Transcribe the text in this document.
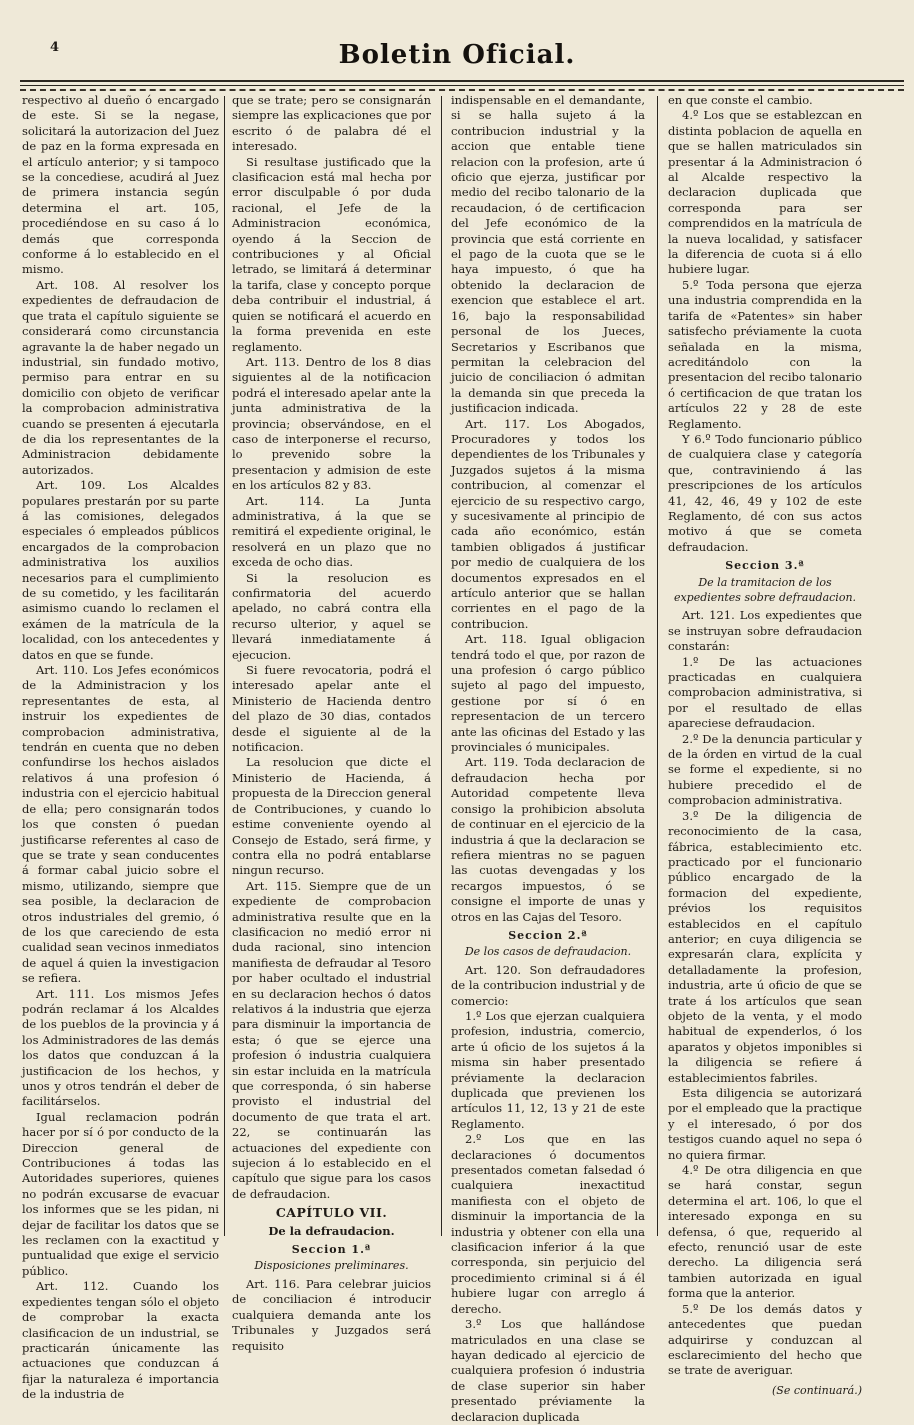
4	Boletin Oficial.

respectivo al dueño ó encargado de este. Si se la negase, solicitará la autorizacion del Juez de paz en la forma expresada en el artículo anterior; y si tampoco se la concediese, acudirá al Juez de primera instancia según determina el art. 105, procediéndose en su caso á lo demás que corresponda conforme á lo establecido en el mismo.

Art. 108. Al resolver los expedientes de defraudacion de que trata el capítulo siguiente se considerará como circunstancia agravante la de haber negado un industrial, sin fundado motivo, permiso para entrar en su domicilio con objeto de verificar la comprobacion administrativa cuando se presenten á ejecutarla de dia los representantes de la Administracion debidamente autorizados.

Art. 109. Los Alcaldes populares prestarán por su parte á las comisiones, delegados especiales ó empleados públicos encargados de la comprobacion administrativa los auxilios necesarios para el cumplimiento de su cometido, y les facilitarán asimismo cuando lo reclamen el exámen de la matrícula de la localidad, con los antecedentes y datos en que se funde.

Art. 110. Los Jefes económicos de la Administracion y los representantes de esta, al instruir los expedientes de comprobacion administrativa, tendrán en cuenta que no deben confundirse los hechos aislados relativos á una profesion ó industria con el ejercicio habitual de ella; pero consignarán todos los que consten ó puedan justificarse referentes al caso de que se trate y sean conducentes á formar cabal juicio sobre el mismo, utilizando, siempre que sea posible, la declaracion de otros industriales del gremio, ó de los que careciendo de esta cualidad sean vecinos inmediatos de aquel á quien la investigacion se refiera.

Art. 111. Los mismos Jefes podrán reclamar á los Alcaldes de los pueblos de la provincia y á los Administradores de las demás los datos que conduzcan á la justificacion de los hechos, y unos y otros tendrán el deber de facilitárselos.

Igual reclamacion podrán hacer por sí ó por conducto de la Direccion general de Contribuciones á todas las Autoridades superiores, quienes no podrán excusarse de evacuar los informes que se les pidan, ni dejar de facilitar los datos que se les reclamen con la exactitud y puntualidad que exige el servicio público.

Art. 112. Cuando los expedientes tengan sólo el objeto de comprobar la exacta clasificacion de un industrial, se practicarán únicamente las actuaciones que conduzcan á fijar la naturaleza é importancia de la industria de

que se trate; pero se consignarán siempre las explicaciones que por escrito ó de palabra dé el interesado.

Si resultase justificado que la clasificacion está mal hecha por error disculpable ó por duda racional, el Jefe de la Administracion económica, oyendo á la Seccion de contribuciones y al Oficial letrado, se limitará á determinar la tarifa, clase y concepto porque deba contribuir el industrial, á quien se notificará el acuerdo en la forma prevenida en este reglamento.

Art. 113. Dentro de los 8 dias siguientes al de la notificacion podrá el interesado apelar ante la junta administrativa de la provincia; observándose, en el caso de interponerse el recurso, lo prevenido sobre la presentacion y admision de este en los artículos 82 y 83.

Art. 114. La Junta administrativa, á la que se remitirá el expediente original, le resolverá en un plazo que no exceda de ocho dias.

Si la resolucion es confirmatoria del acuerdo apelado, no cabrá contra ella recurso ulterior, y aquel se llevará inmediatamente á ejecucion.

Si fuere revocatoria, podrá el interesado apelar ante el Ministerio de Hacienda dentro del plazo de 30 dias, contados desde el siguiente al de la notificacion.

La resolucion que dicte el Ministerio de Hacienda, á propuesta de la Direccion general de Contribuciones, y cuando lo estime conveniente oyendo al Consejo de Estado, será firme, y contra ella no podrá entablarse ningun recurso.

Art. 115. Siempre que de un expediente de comprobacion administrativa resulte que en la clasificacion no medió error ni duda racional, sino intencion manifiesta de defraudar al Tesoro por haber ocultado el industrial en su declaracion hechos ó datos relativos á la industria que ejerza para disminuir la importancia de esta; ó que se ejerce una profesion ó industria cualquiera sin estar incluida en la matrícula que corresponda, ó sin haberse provisto el industrial del documento de que trata el art. 22, se continuarán las actuaciones del expediente con sujecion á lo establecido en el capítulo que sigue para los casos de defraudacion.

CAPÍTULO VII.
De la defraudacion.
Seccion 1.ª
Disposiciones preliminares.

Art. 116. Para celebrar juicios de conciliacion é introducir cualquiera demanda ante los Tribunales y Juzgados será requisito

indispensable en el demandante, si se halla sujeto á la contribucion industrial y la accion que entable tiene relacion con la profesion, arte ú oficio que ejerza, justificar por medio del recibo talonario de la recaudacion, ó de certificacion del Jefe económico de la provincia que está corriente en el pago de la cuota que se le haya impuesto, ó que ha obtenido la declaracion de exencion que establece el art. 16, bajo la responsabilidad personal de los Jueces, Secretarios y Escribanos que permitan la celebracion del juicio de conciliacion ó admitan la demanda sin que preceda la justificacion indicada.

Art. 117. Los Abogados, Procuradores y todos los dependientes de los Tribunales y Juzgados sujetos á la misma contribucion, al comenzar el ejercicio de su respectivo cargo, y sucesivamente al principio de cada año económico, están tambien obligados á justificar por medio de cualquiera de los documentos expresados en el artículo anterior que se hallan corrientes en el pago de la contribucion.

Art. 118. Igual obligacion tendrá todo el que, por razon de una profesion ó cargo público sujeto al pago del impuesto, gestione por sí ó en representacion de un tercero ante las oficinas del Estado y las provinciales ó municipales.

Art. 119. Toda declaracion de defraudacion hecha por Autoridad competente lleva consigo la prohibicion absoluta de continuar en el ejercicio de la industria á que la declaracion se refiera mientras no se paguen las cuotas devengadas y los recargos impuestos, ó se consigne el importe de unas y otros en las Cajas del Tesoro.

Seccion 2.ª
De los casos de defraudacion.

Art. 120. Son defraudadores de la contribucion industrial y de comercio:

1.º Los que ejerzan cualquiera profesion, industria, comercio, arte ú oficio de los sujetos á la misma sin haber presentado préviamente la declaracion duplicada que previenen los artículos 11, 12, 13 y 21 de este Reglamento.

2.º Los que en las declaraciones ó documentos presentados cometan falsedad ó cualquiera inexactitud manifiesta con el objeto de disminuir la importancia de la industria y obtener con ella una clasificacion inferior á la que corresponda, sin perjuicio del procedimiento criminal si á él hubiere lugar con arreglo á derecho.

3.º Los que hallándose matriculados en una clase se hayan dedicado al ejercicio de cualquiera profesion ó industria de clase superior sin haber presentado préviamente la declaracion duplicada

en que conste el cambio.

4.º Los que se establezcan en distinta poblacion de aquella en que se hallen matriculados sin presentar á la Administracion ó al Alcalde respectivo la declaracion duplicada que corresponda para ser comprendidos en la matrícula de la nueva localidad, y satisfacer la diferencia de cuota si á ello hubiere lugar.

5.º Toda persona que ejerza una industria comprendida en la tarifa de «Patentes» sin haber satisfecho préviamente la cuota señalada en la misma, acreditándolo con la presentacion del recibo talonario ó certificacion de que tratan los artículos 22 y 28 de este Reglamento.

Y 6.º Todo funcionario público de cualquiera clase y categoría que, contraviniendo á las prescripciones de los artículos 41, 42, 46, 49 y 102 de este Reglamento, dé con sus actos motivo á que se cometa defraudacion.

Seccion 3.ª
De la tramitacion de los expedientes sobre defraudacion.

Art. 121. Los expedientes que se instruyan sobre defraudacion constarán:

1.º De las actuaciones practicadas en cualquiera comprobacion administrativa, si por el resultado de ellas apareciese defraudacion.

2.º De la denuncia particular y de la órden en virtud de la cual se forme el expediente, si no hubiere precedido el de comprobacion administrativa.

3.º De la diligencia de reconocimiento de la casa, fábrica, establecimiento etc. practicado por el funcionario público encargado de la formacion del expediente, prévios los requisitos establecidos en el capítulo anterior; en cuya diligencia se expresarán clara, explícita y detalladamente la profesion, industria, arte ú oficio de que se trate á los artículos que sean objeto de la venta, y el modo habitual de expenderlos, ó los aparatos y objetos imponibles si la diligencia se refiere á establecimientos fabriles.

Esta diligencia se autorizará por el empleado que la practique y el interesado, ó por dos testigos cuando aquel no sepa ó no quiera firmar.

4.º De otra diligencia en que se hará constar, segun determina el art. 106, lo que el interesado exponga en su defensa, ó que, requerido al efecto, renunció usar de este derecho. La diligencia será tambien autorizada en igual forma que la anterior.

5.º De los demás datos y antecedentes que puedan adquirirse y conduzcan al esclarecimiento del hecho que se trate de averiguar.

(Se continuará.)
